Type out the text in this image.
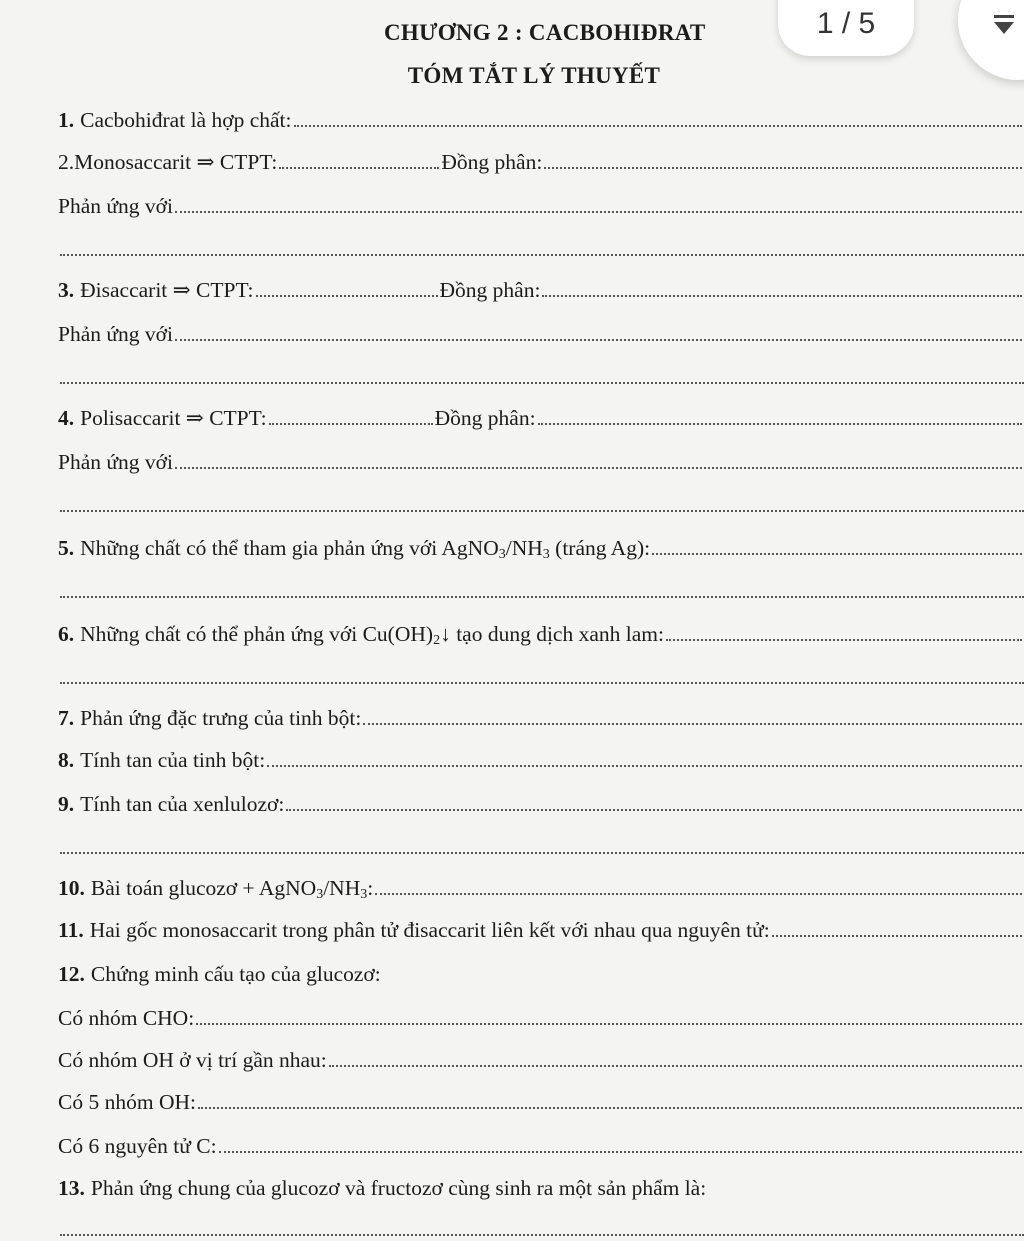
CHƯƠNG 2 : CACBOHIĐRAT
TÓM TẮT LÝ THUYẾT
1. Cacbohiđrat là hợp chất:
2. Monosaccarit ⇒ CTPT:	Đồng phân:
Phản ứng với
3. Đisaccarit ⇒ CTPT:	Đồng phân:
Phản ứng với
4. Polisaccarit ⇒ CTPT:	Đồng phân:
Phản ứng với
5. Những chất có thể tham gia phản ứng với $AgNO_3/NH_3$ (tráng Ag):
6. Những chất có thể phản ứng với $Cu(OH)_2↓$ tạo dung dịch xanh lam:
7. Phản ứng đặc trưng của tinh bột:
8. Tính tan của tinh bột:
9. Tính tan của xenlulozơ:
10. Bài toán glucozơ + $AgNO_3/NH_3$:
11. Hai gốc monosaccarit trong phân tử đisaccarit liên kết với nhau qua nguyên tử:
12. Chứng minh cấu tạo của glucozơ:
Có nhóm CHO:
Có nhóm OH ở vị trí gần nhau:
Có 5 nhóm OH:
Có 6 nguyên tử C:
13. Phản ứng chung của glucozơ và fructozơ cùng sinh ra một sản phẩm là:
1 / 5
